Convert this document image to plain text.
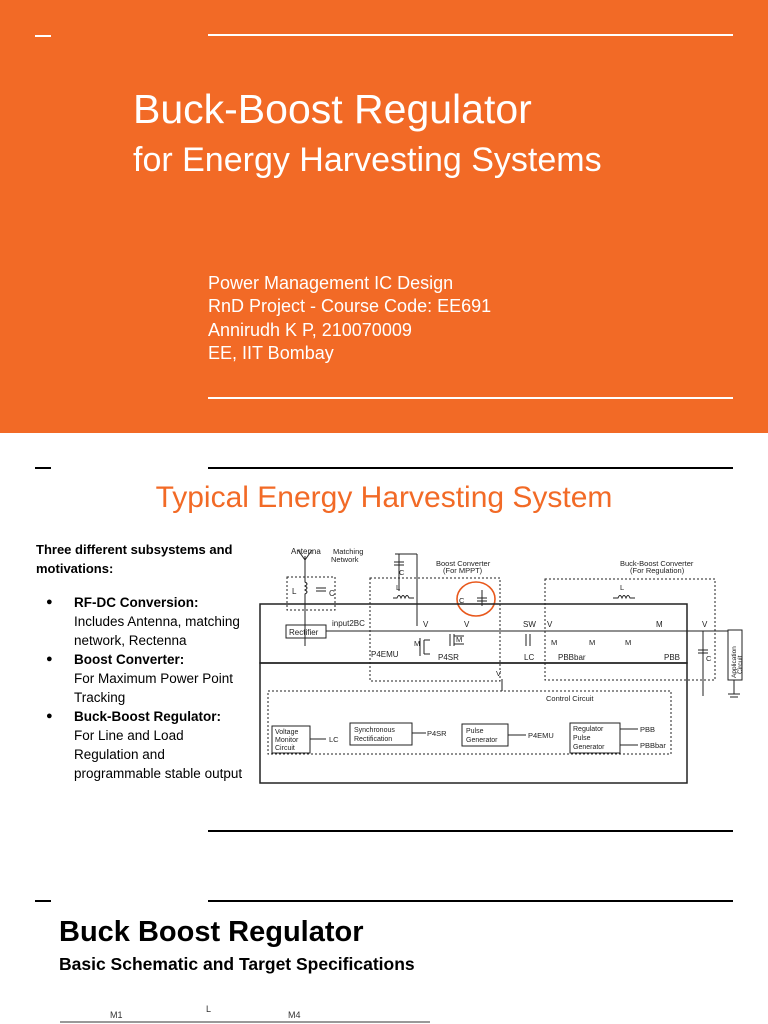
Buck-Boost Regulator
for Energy Harvesting Systems
Power Management IC Design
RnD Project - Course Code: EE691
Annirudh K P, 210070009
EE, IIT Bombay
Typical Energy Harvesting System
Three different subsystems and motivations:
● RF-DC Conversion:
Includes Antenna, matching network, Rectenna
● Boost Converter:
For Maximum Power Point Tracking
● Buck-Boost Regulator:
For Line and Load Regulation and programmable stable output
Antenna Matching
Network
L	C
C
Boost Converter
(For MPPT)
Buck-Boost Converter
(For Regulation)
L
C
L
Rectifier
input2BC	V	V	SW V	M	V
M	M
P4EMU	P4SR	LC
M	M	M
PBBbar	PBB	C	Application Circuit
V
Control Circuit
Voltage
Monitor
Circuit
LC
Synchronous
Rectification
P4SR	Pulse
Generator
P4EMU
Regulator
Pulse
Generator
PBB
PBBbar
Buck Boost Regulator
Basic Schematic and Target Specifications
M1
L
M4
